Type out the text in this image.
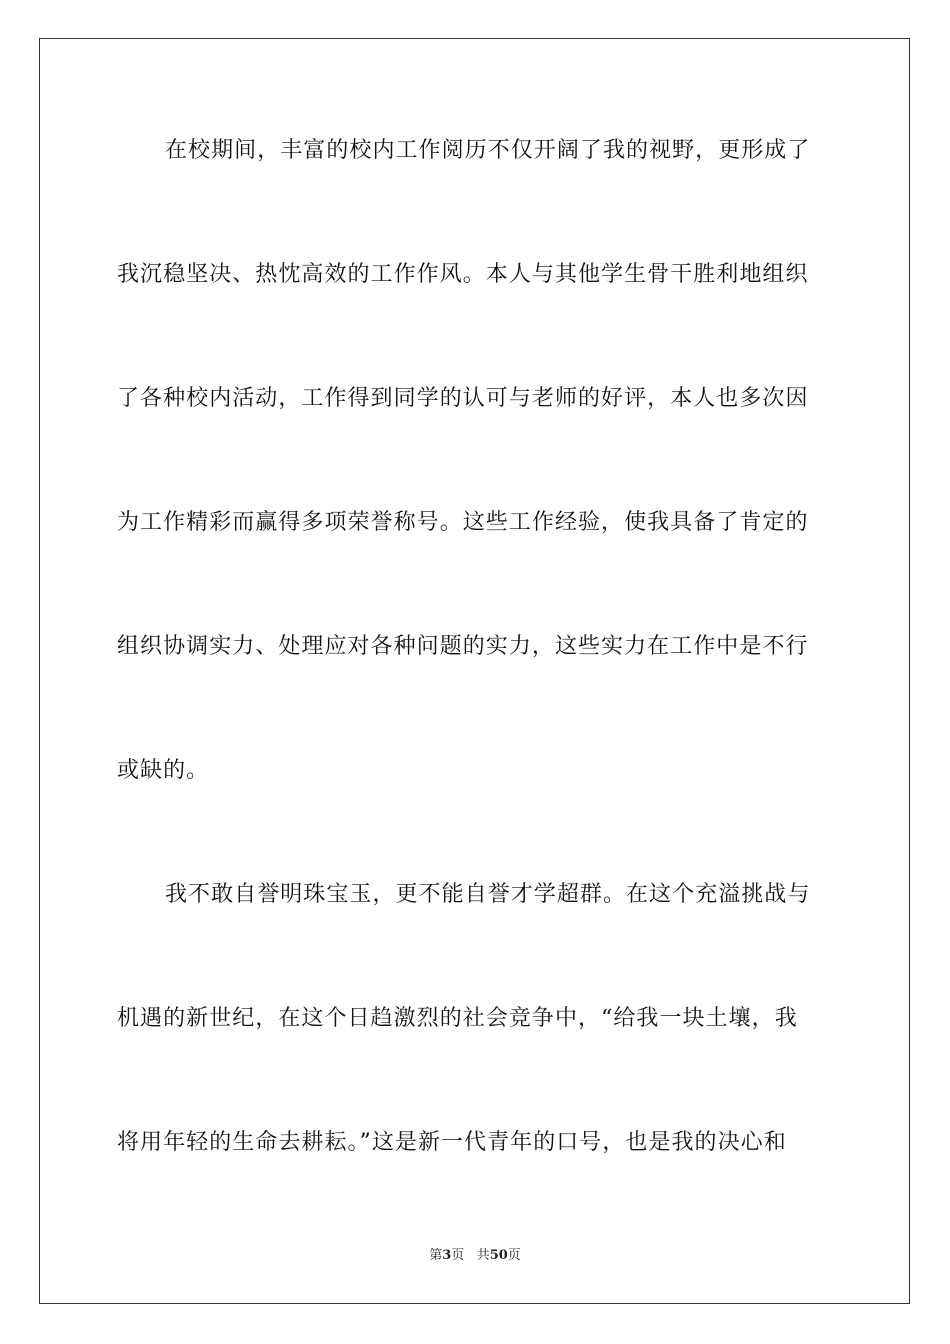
在校期间，丰富的校内工作阅历不仅开阔了我的视野，更形成了
我沉稳坚决、热忱高效的工作作风。本人与其他学生骨干胜利地组织
了各种校内活动，工作得到同学的认可与老师的好评，本人也多次因
为工作精彩而赢得多项荣誉称号。这些工作经验，使我具备了肯定的
组织协调实力、处理应对各种问题的实力，这些实力在工作中是不行
或缺的。
我不敢自誉明珠宝玉，更不能自誉才学超群。在这个充溢挑战与
机遇的新世纪，在这个日趋激烈的社会竞争中，“给我一块土壤，我
将用年轻的生命去耕耘。”这是新一代青年的口号，也是我的决心和
第3页 共50页
